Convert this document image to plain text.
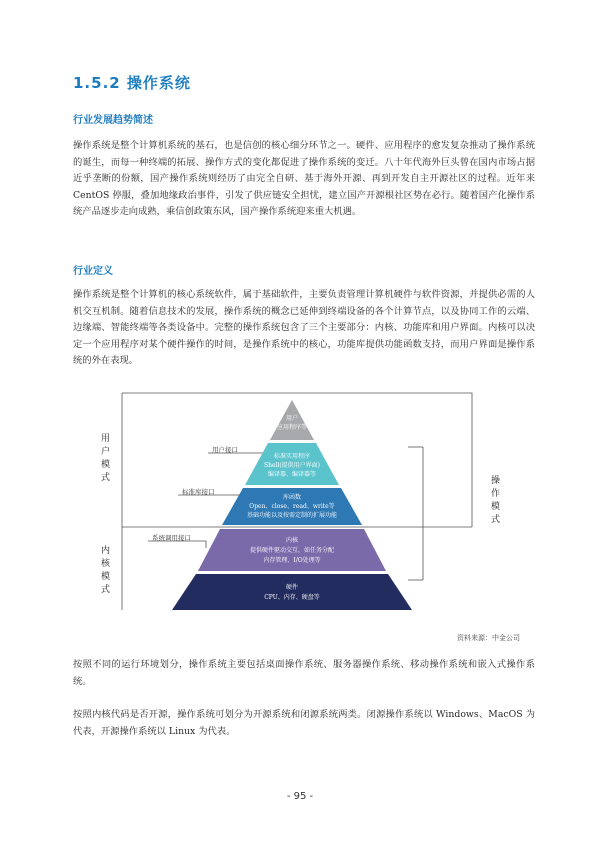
1.5.2 操作系统
行业发展趋势简述

操作系统是整个计算机系统的基石，也是信创的核心细分环节之一。硬件、应用程序的愈发复杂推动了操作系统的诞生，而每一种终端的拓展、操作方式的变化都促进了操作系统的变迁。八十年代海外巨头曾在国内市场占据近乎垄断的份额，国产操作系统则经历了由完全自研、基于海外开源、再到开发自主开源社区的过程。近年来 CentOS 停服，叠加地缘政治事件，引发了供应链安全担忧，建立国产开源根社区势在必行。随着国产化操作系统产品逐步走向成熟，乘信创政策东风，国产操作系统迎来重大机遇。

行业定义

操作系统是整个计算机的核心系统软件，属于基础软件，主要负责管理计算机硬件与软件资源，并提供必需的人机交互机制。随着信息技术的发展，操作系统的概念已延伸到终端设备的各个计算节点，以及协同工作的云端、边缘端、智能终端等各类设备中。完整的操作系统包含了三个主要部分：内核、功能库和用户界面。内核可以决定一个应用程序对某个硬件操作的时间，是操作系统中的核心，功能库提供功能函数支持，而用户界面是操作系统的外在表现。

用户
应用程序等
标准实用程序
Shell(提供用户界面)
编译器、编译器等
库函数
Open、close、read、write等
基础功能以及按需定制的扩展功能
内核
提供硬件驱动交互，如任务分配
内存管理、I/O处理等
硬件
CPU、内存、硬盘等
用户接口
标准库接口
系统调用接口
用户模式
内核模式
操作模式

资料来源：中金公司

按照不同的运行环境划分，操作系统主要包括桌面操作系统、服务器操作系统、移动操作系统和嵌入式操作系统。

按照内核代码是否开源，操作系统可划分为开源系统和闭源系统两类。闭源操作系统以 Windows、MacOS 为代表，开源操作系统以 Linux 为代表。

- 95 -
